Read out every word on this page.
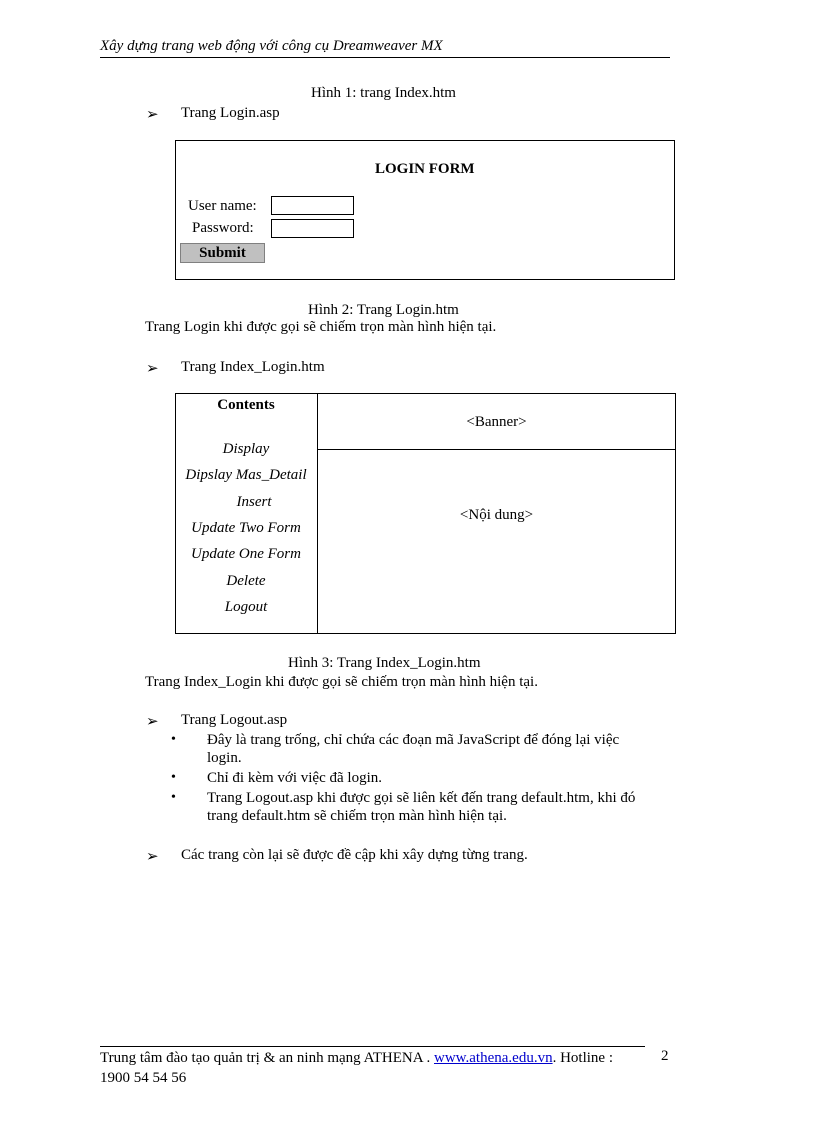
Xây dựng trang web động với công cụ Dreamweaver MX
Hình 1: trang Index.htm
➢ Trang Login.asp
LOGIN FORM
User name:
Password:
Submit
Hình 2: Trang Login.htm
Trang Login khi được gọi sẽ chiếm trọn màn hình hiện tại.
➢ Trang Index_Login.htm
Contents
Display
Dipslay Mas_Detail
Insert
Update Two Form
Update One Form
Delete
Logout
<Banner>
<Nội dung>
Hình 3: Trang Index_Login.htm
Trang Index_Login khi được gọi sẽ chiếm trọn màn hình hiện tại.
➢ Trang Logout.asp
• Đây là trang trống, chỉ chứa các đoạn mã JavaScript để đóng lại việc
login.
• Chỉ đi kèm với việc đã login.
• Trang Logout.asp khi được gọi sẽ liên kết đến trang default.htm, khi đó
trang default.htm sẽ chiếm trọn màn hình hiện tại.
➢ Các trang còn lại sẽ được đề cập khi xây dựng từng trang.
Trung tâm đào tạo quản trị & an ninh mạng ATHENA . www.athena.edu.vn. Hotline :
1900 54 54 56
2
